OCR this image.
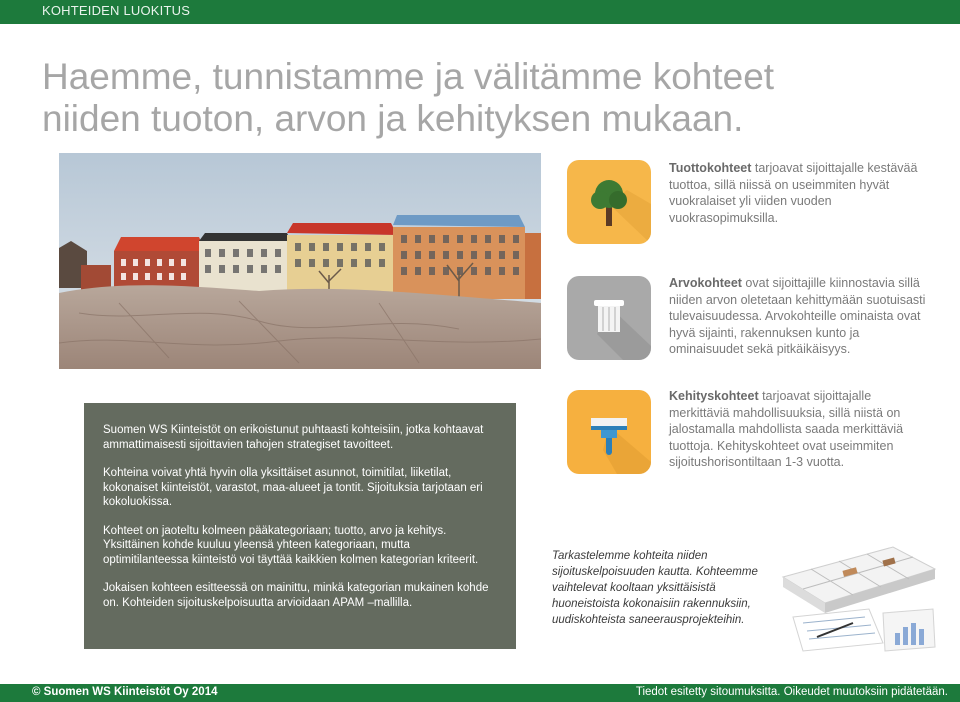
KOHTEIDEN LUOKITUS
Haemme, tunnistamme ja välitämme kohteet
niiden tuoton, arvon ja kehityksen mukaan.

Suomen WS Kiinteistöt on erikoistunut puhtaasti kohteisiin, jotka kohtaavat ammattimaisesti sijoittavien tahojen strategiset tavoitteet.

Kohteina voivat yhtä hyvin olla yksittäiset asunnot, toimitilat, liiketilat, kokonaiset kiinteistöt, varastot, maa-alueet ja tontit. Sijoituksia tarjotaan eri kokoluokissa.

Kohteet on jaoteltu kolmeen pääkategoriaan; tuotto, arvo ja kehitys. Yksittäinen kohde kuuluu yleensä yhteen kategoriaan, mutta optimitilanteessa kiinteistö voi täyttää kaikkien kolmen kategorian kriteerit.

Jokaisen kohteen esitteessä on mainittu, minkä kategorian mukainen kohde on. Kohteiden sijoituskelpoisuutta arvioidaan APAM –mallilla.

Tuottokohteet tarjoavat sijoittajalle kestävää tuottoa, sillä niissä on useimmiten hyvät vuokralaiset yli viiden vuoden vuokrasopimuksilla.
Arvokohteet ovat sijoittajille kiinnostavia sillä niiden arvon oletetaan kehittymään suotuisasti tulevaisuudessa. Arvokohteille ominaista ovat hyvä sijainti, rakennuksen kunto ja ominaisuudet sekä pitkäikäisyys.
Kehityskohteet tarjoavat sijoittajalle merkittäviä mahdollisuuksia, sillä niistä on jalostamalla mahdollista saada merkittäviä tuottoja. Kehityskohteet ovat useimmiten sijoitushorisontiltaan 1-3 vuotta.
Tarkastelemme kohteita niiden sijoituskelpoisuuden kautta. Kohteemme vaihtelevat kooltaan yksittäisistä huoneistoista kokonaisiin rakennuksiin, uudiskohteista saneerausprojekteihin.
© Suomen WS Kiinteistöt Oy 2014	Tiedot esitetty sitoumuksitta. Oikeudet muutoksiin pidätetään.
